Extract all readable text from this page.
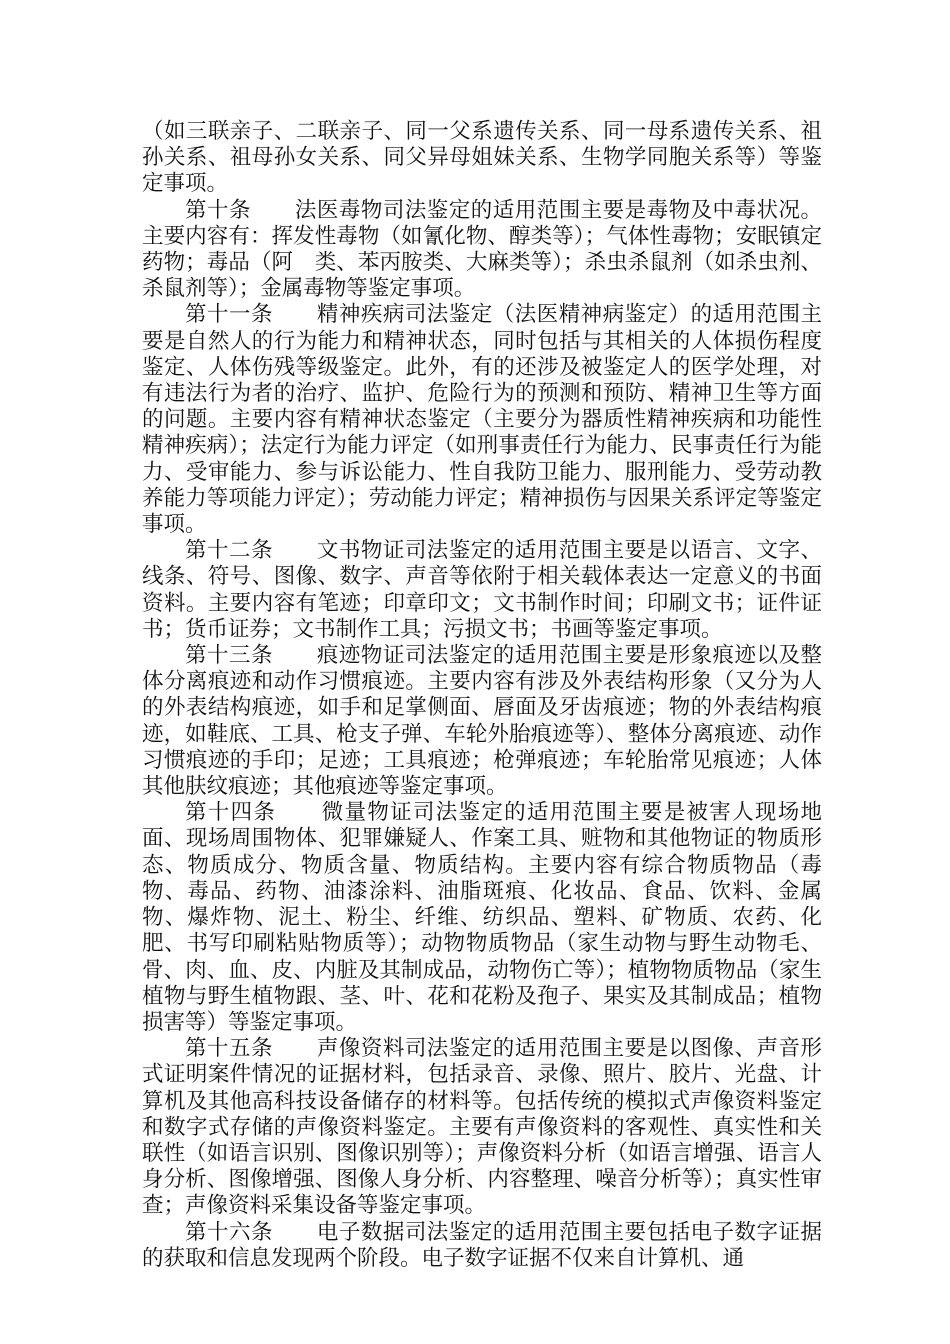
（如三联亲子、二联亲子、同一父系遗传关系、同一母系遗传关系、祖孙关系、祖母孙女关系、同父异母姐妹关系、生物学同胞关系等）等鉴定事项。

第十条　　法医毒物司法鉴定的适用范围主要是毒物及中毒状况。主要内容有：挥发性毒物（如氰化物、醇类等）；气体性毒物；安眠镇定药物；毒品（阿　类、苯丙胺类、大麻类等）；杀虫杀鼠剂（如杀虫剂、杀鼠剂等）；金属毒物等鉴定事项。

第十一条　　精神疾病司法鉴定（法医精神病鉴定）的适用范围主要是自然人的行为能力和精神状态，同时包括与其相关的人体损伤程度鉴定、人体伤残等级鉴定。此外，有的还涉及被鉴定人的医学处理，对有违法行为者的治疗、监护、危险行为的预测和预防、精神卫生等方面的问题。主要内容有精神状态鉴定（主要分为器质性精神疾病和功能性精神疾病）；法定行为能力评定（如刑事责任行为能力、民事责任行为能力、受审能力、参与诉讼能力、性自我防卫能力、服刑能力、受劳动教养能力等项能力评定）；劳动能力评定；精神损伤与因果关系评定等鉴定事项。

第十二条　　文书物证司法鉴定的适用范围主要是以语言、文字、线条、符号、图像、数字、声音等依附于相关载体表达一定意义的书面资料。主要内容有笔迹；印章印文；文书制作时间；印刷文书；证件证书；货币证券；文书制作工具；污损文书；书画等鉴定事项。

第十三条　　痕迹物证司法鉴定的适用范围主要是形象痕迹以及整体分离痕迹和动作习惯痕迹。主要内容有涉及外表结构形象（又分为人的外表结构痕迹，如手和足掌侧面、唇面及牙齿痕迹；物的外表结构痕迹，如鞋底、工具、枪支子弹、车轮外胎痕迹等）、整体分离痕迹、动作习惯痕迹的手印；足迹；工具痕迹；枪弹痕迹；车轮胎常见痕迹；人体其他肤纹痕迹；其他痕迹等鉴定事项。

第十四条　　微量物证司法鉴定的适用范围主要是被害人现场地面、现场周围物体、犯罪嫌疑人、作案工具、赃物和其他物证的物质形态、物质成分、物质含量、物质结构。主要内容有综合物质物品（毒物、毒品、药物、油漆涂料、油脂斑痕、化妆品、食品、饮料、金属物、爆炸物、泥土、粉尘、纤维、纺织品、塑料、矿物质、农药、化肥、书写印刷粘贴物质等）；动物物质物品（家生动物与野生动物毛、骨、肉、血、皮、内脏及其制成品，动物伤亡等）；植物物质物品（家生植物与野生植物跟、茎、叶、花和花粉及孢子、果实及其制成品；植物损害等）等鉴定事项。

第十五条　　声像资料司法鉴定的适用范围主要是以图像、声音形式证明案件情况的证据材料，包括录音、录像、照片、胶片、光盘、计算机及其他高科技设备储存的材料等。包括传统的模拟式声像资料鉴定和数字式存储的声像资料鉴定。主要有声像资料的客观性、真实性和关联性（如语言识别、图像识别等）；声像资料分析（如语言增强、语言人身分析、图像增强、图像人身分析、内容整理、噪音分析等）；真实性审查；声像资料采集设备等鉴定事项。

第十六条　　电子数据司法鉴定的适用范围主要包括电子数字证据的获取和信息发现两个阶段。电子数字证据不仅来自计算机、通
